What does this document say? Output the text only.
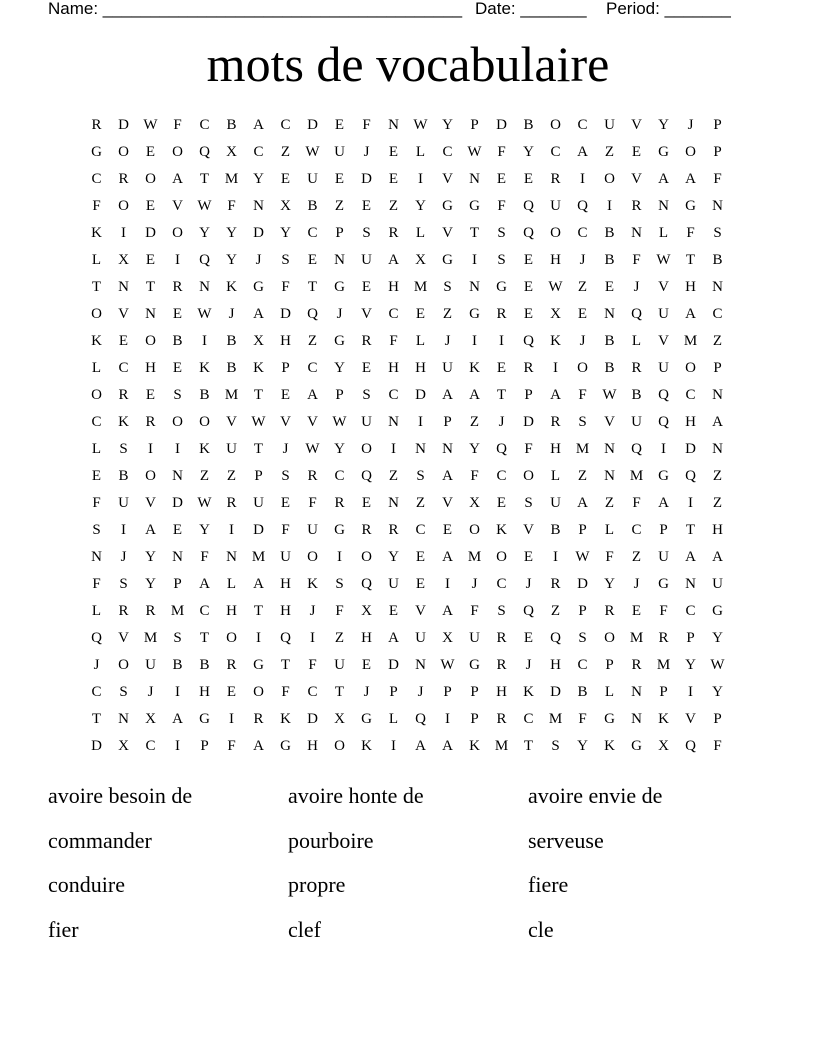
Name: ______________________________________ Date: _______ Period: _______
mots de vocabulaire
R	D W	F	C	B	A	C	D	E	F	N W Y	P	D	B	O	C	U	V	Y	J	P
G	O	E	O	Q	X	C	Z	W U	J	E	L	C W	F	Y	C	A	Z	E	G	O	P
C	R	O	A	T	M Y	E	U	E	D	E	I	V	N	E	E	R	I	O	V	A	A	F
F	O	E	V W	F	N	X	B	Z	E	Z	Y	G	G	F	Q	U	Q	I	R	N	G	N
K	I	D	O	Y	Y	D	Y	C	P	S	R	L	V	T	S	Q	O	C	B	N	L	F	S
L	X	E	I	Q	Y	J	S	E	N	U	A	X	G	I	S	E	H	J	B	F	W	T	B
T	N	T	R	N	K	G	F	T	G	E	H M	S	N	G	E	W	Z	E	J	V	H	N
O	V	N	E	W	J	A	D	Q	J	V	C	E	Z	G	R	E	X	E	N	Q	U	A	C
K	E	O	B	I	B	X	H	Z	G	R	F	L	J	I	I	Q	K	J	B	L	V M	Z
L	C	H	E	K	B	K	P	C	Y	E	H	H	U	K	E	R	I	O	B	R	U	O	P
O	R	E	S	B	M	T	E	A	P	S	C	D	A	A	T	P	A	F	W B	Q	C	N
C	K	R	O	O	V W V	V W U	N	I	P	Z	J	D	R	S	V	U	Q	H	A
L	S	I	I	K	U	T	J	W Y	O	I	N	N	Y	Q	F	H M N	Q	I	D	N
E	B	O	N	Z	Z	P	S	R	C	Q	Z	S	A	F	C	O	L	Z	N M G	Q	Z
F	U	V	D W R	U	E	F	R	E	N	Z	V	X	E	S	U	A	Z	F	A	I	Z
S	I	A	E	Y	I	D	F	U	G	R	R	C	E	O	K	V	B	P	L	C	P	T	H
N	J	Y	N	F	N M U	O	I	O	Y	E	A M O	E	I	W	F	Z	U	A	A
F	S	Y	P	A	L	A	H	K	S	Q	U	E	I	J	C	J	R	D	Y	J	G	N	U
L	R	R	M	C	H	T	H	J	F	X	E	V	A	F	S	Q	Z	P	R	E	F	C	G
Q	V M	S	T	O	I	Q	I	Z	H	A	U	X	U	R	E	Q	S	O M	R	P	Y
J	O	U	B	B	R	G	T	F	U	E	D	N W G	R	J	H	C	P	R	M Y W
C	S	J	I	H	E	O	F	C	T	J	P	J	P	P	H	K	D	B	L	N	P	I	Y
T	N	X	A	G	I	R	K	D	X	G	L	Q	I	P	R	C	M	F	G	N	K	V	P
D	X	C	I	P	F	A	G	H	O	K	I	A	A	K M	T	S	Y	K	G	X	Q	F
avoire besoin de	avoire honte de	avoire envie de
commander	pourboire	serveuse
conduire	propre	fiere
fier	clef	cle
